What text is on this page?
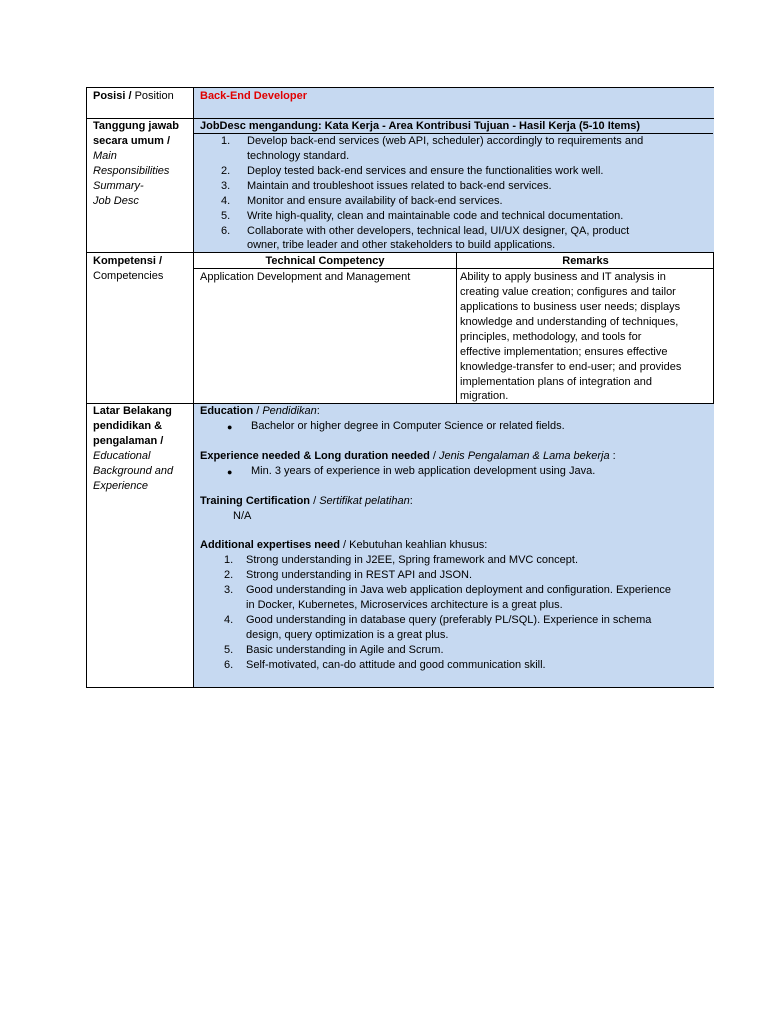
Posisi / Position Back-End Developer
Tanggung jawab
secara umum /
Main
Responsibilities
Summary-
Job Desc
JobDesc mengandung: Kata Kerja - Area Kontribusi Tujuan - Hasil Kerja (5-10 Items)
1. Develop back-end services (web API, scheduler) accordingly to requirements and
technology standard.
2. Deploy tested back-end services and ensure the functionalities work well.
3. Maintain and troubleshoot issues related to back-end services.
4. Monitor and ensure availability of back-end services.
5. Write high-quality, clean and maintainable code and technical documentation.
6. Collaborate with other developers, technical lead, UI/UX designer, QA, product
owner, tribe leader and other stakeholders to build applications.
Kompetensi /
Competencies
Technical Competency	Remarks
Application Development and Management	Ability to apply business and IT analysis in
creating value creation; configures and tailor
applications to business user needs; displays
knowledge and understanding of techniques,
principles, methodology, and tools for
effective implementation; ensures effective
knowledge-transfer to end-user; and provides
implementation plans of integration and
migration.
Latar Belakang
pendidikan &
pengalaman /
Educational
Background and
Experience
Education / Pendidikan:
● Bachelor or higher degree in Computer Science or related fields.
Experience needed & Long duration needed / Jenis Pengalaman & Lama bekerja :
● Min. 3 years of experience in web application development using Java.
Training Certification / Sertifikat pelatihan:
N/A
Additional expertises need / Kebutuhan keahlian khusus:
1. Strong understanding in J2EE, Spring framework and MVC concept.
2. Strong understanding in REST API and JSON.
3. Good understanding in Java web application deployment and configuration. Experience
in Docker, Kubernetes, Microservices architecture is a great plus.
4. Good understanding in database query (preferably PL/SQL). Experience in schema
design, query optimization is a great plus.
5. Basic understanding in Agile and Scrum.
6. Self-motivated, can-do attitude and good communication skill.
